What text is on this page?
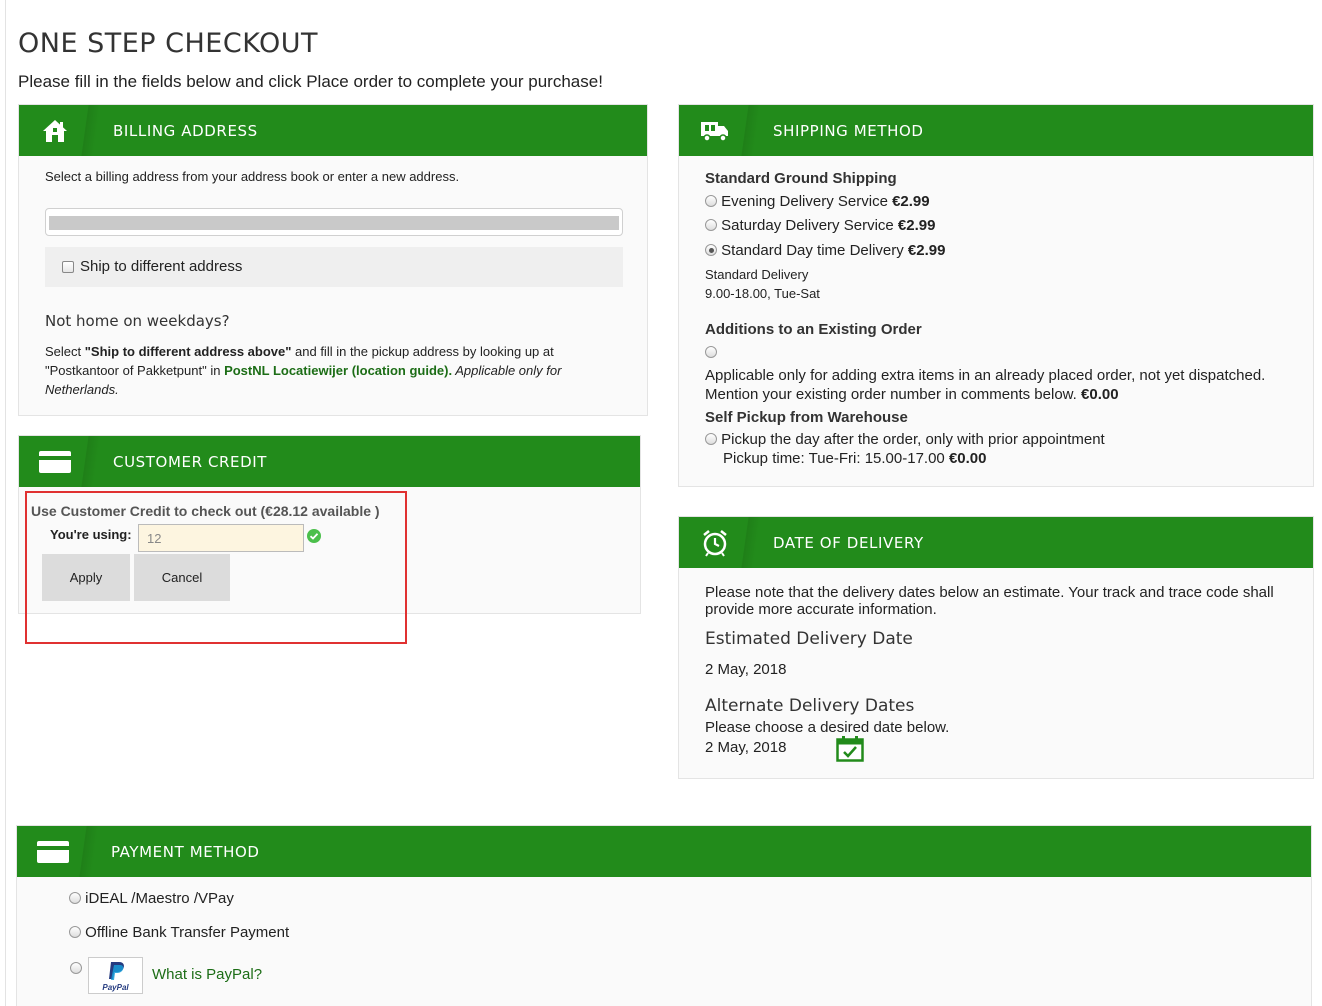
ONE STEP CHECKOUT
Please fill in the fields below and click Place order to complete your purchase!
BILLING ADDRESS
Select a billing address from your address book or enter a new address.
Ship to different address
Not home on weekdays?
Select "Ship to different address above" and fill in the pickup address by looking up at "Postkantoor of Pakketpunt" in PostNL Locatiewijer (location guide). Applicable only for Netherlands.
CUSTOMER CREDIT
Use Customer Credit to check out (€28.12 available )
You're using:
12
Apply	Cancel
SHIPPING METHOD
Standard Ground Shipping
Evening Delivery Service €2.99
Saturday Delivery Service €2.99
Standard Day time Delivery €2.99
Standard Delivery
9.00-18.00, Tue-Sat
Additions to an Existing Order
Applicable only for adding extra items in an already placed order, not yet dispatched.
Mention your existing order number in comments below. €0.00
Self Pickup from Warehouse
Pickup the day after the order, only with prior appointment
Pickup time: Tue-Fri: 15.00-17.00 €0.00
DATE OF DELIVERY
Please note that the delivery dates below an estimate. Your track and trace code shall provide more accurate information.
Estimated Delivery Date
2 May, 2018
Alternate Delivery Dates
Please choose a desired date below.
2 May, 2018
PAYMENT METHOD
iDEAL /Maestro /VPay
Offline Bank Transfer Payment
PayPal
What is PayPal?
